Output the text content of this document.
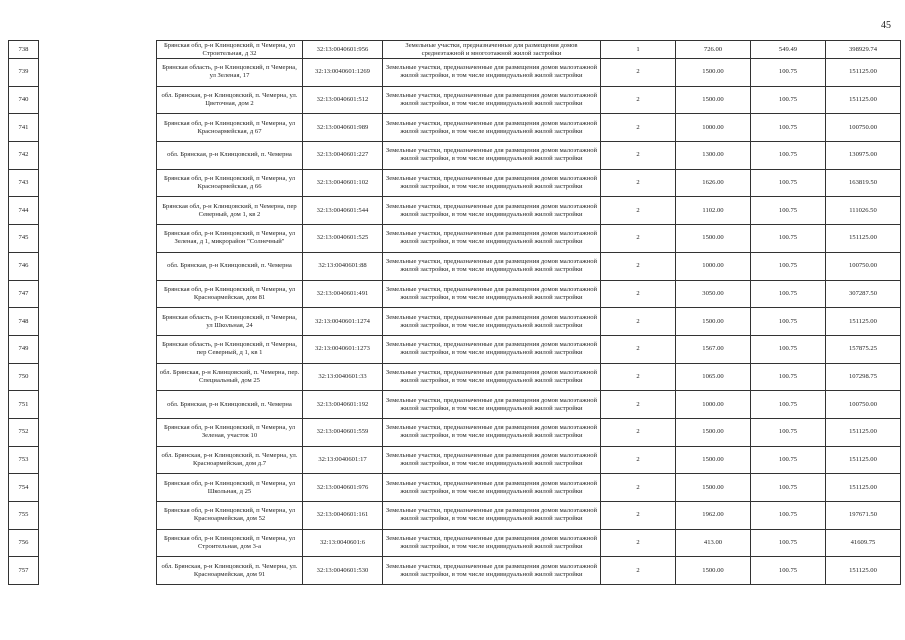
45
738		Брянская обл, р-н Клинцовский, п Чемерна, ул Строительная, д 32	32:13:0040601:956	Земельные участки, предназначенные для размещения домов среднеэтажной и многоэтажной жилой застройки	1	726.00	549.49	398929.74
739		Брянская область, р-н Клинцовский, п Чемерна, ул Зеленая, 17	32:13:0040601:1269	Земельные участки, предназначенные для размещения домов малоэтажной жилой застройки, в том числе индивидуальной жилой застройки	2	1500.00	100.75	151125.00
740		обл. Брянская, р-н Клинцовский, п. Чемерна, ул. Цветочная, дом 2	32:13:0040601:512	Земельные участки, предназначенные для размещения домов малоэтажной жилой застройки, в том числе индивидуальной жилой застройки	2	1500.00	100.75	151125.00
741		Брянская обл, р-н Клинцовский, п Чемерна, ул Красноармейская, д 67	32:13:0040601:989	Земельные участки, предназначенные для размещения домов малоэтажной жилой застройки, в том числе индивидуальной жилой застройки	2	1000.00	100.75	100750.00
742		обл. Брянская, р-н Клинцовский, п. Чемерна	32:13:0040601:227	Земельные участки, предназначенные для размещения домов малоэтажной жилой застройки, в том числе индивидуальной жилой застройки	2	1300.00	100.75	130975.00
743		Брянская обл, р-н Клинцовский, п Чемерна, ул Красноармейская, д 66	32:13:0040601:102	Земельные участки, предназначенные для размещения домов малоэтажной жилой застройки, в том числе индивидуальной жилой застройки	2	1626.00	100.75	163819.50
744		Брянская обл, р-н Клинцовский, п Чемерна, пер Северный, дом 1, кв 2	32:13:0040601:544	Земельные участки, предназначенные для размещения домов малоэтажной жилой застройки, в том числе индивидуальной жилой застройки	2	1102.00	100.75	111026.50
745		Брянская обл, р-н Клинцовский, п Чемерна, ул Зеленая, д 1, микрорайон "Солнечный"	32:13:0040601:525	Земельные участки, предназначенные для размещения домов малоэтажной жилой застройки, в том числе индивидуальной жилой застройки	2	1500.00	100.75	151125.00
746		обл. Брянская, р-н Клинцовский, п. Чемерна	32:13:0040601:88	Земельные участки, предназначенные для размещения домов малоэтажной жилой застройки, в том числе индивидуальной жилой застройки	2	1000.00	100.75	100750.00
747		Брянская обл, р-н Клинцовский, п Чемерна, ул Красноармейская, дом 81	32:13:0040601:491	Земельные участки, предназначенные для размещения домов малоэтажной жилой застройки, в том числе индивидуальной жилой застройки	2	3050.00	100.75	307287.50
748		Брянская область, р-н Клинцовский, п Чемерна, ул Школьная, 24	32:13:0040601:1274	Земельные участки, предназначенные для размещения домов малоэтажной жилой застройки, в том числе индивидуальной жилой застройки	2	1500.00	100.75	151125.00
749		Брянская область, р-н Клинцовский, п Чемерна, пер Северный, д 1, кв 1	32:13:0040601:1273	Земельные участки, предназначенные для размещения домов малоэтажной жилой застройки, в том числе индивидуальной жилой застройки	2	1567.00	100.75	157875.25
750		обл. Брянская, р-н Клинцовский, п. Чемерна, пер. Специальный, дом 25	32:13:0040601:33	Земельные участки, предназначенные для размещения домов малоэтажной жилой застройки, в том числе индивидуальной жилой застройки	2	1065.00	100.75	107298.75
751		обл. Брянская, р-н Клинцовский, п. Чемерна	32:13:0040601:192	Земельные участки, предназначенные для размещения домов малоэтажной жилой застройки, в том числе индивидуальной жилой застройки	2	1000.00	100.75	100750.00
752		Брянская обл, р-н Клинцовский, п Чемерна, ул Зеленая, участок 10	32:13:0040601:559	Земельные участки, предназначенные для размещения домов малоэтажной жилой застройки, в том числе индивидуальной жилой застройки	2	1500.00	100.75	151125.00
753		обл. Брянская, р-н Клинцовский, п. Чемерна, ул. Красноармейская, дом д.7	32:13:0040601:17	Земельные участки, предназначенные для размещения домов малоэтажной жилой застройки, в том числе индивидуальной жилой застройки	2	1500.00	100.75	151125.00
754		Брянская обл, р-н Клинцовский, п Чемерна, ул Школьная, д 25	32:13:0040601:976	Земельные участки, предназначенные для размещения домов малоэтажной жилой застройки, в том числе индивидуальной жилой застройки	2	1500.00	100.75	151125.00
755		Брянская обл, р-н Клинцовский, п Чемерна, ул Красноармейская, дом 52	32:13:0040601:161	Земельные участки, предназначенные для размещения домов малоэтажной жилой застройки, в том числе индивидуальной жилой застройки	2	1962.00	100.75	197671.50
756		Брянская обл, р-н Клинцовский, п Чемерна, ул Строительная, дом 3-а	32:13:0040601:6	Земельные участки, предназначенные для размещения домов малоэтажной жилой застройки, в том числе индивидуальной жилой застройки	2	413.00	100.75	41609.75
757		обл. Брянская, р-н Клинцовский, п. Чемерна, ул. Красноармейская, дом 91	32:13:0040601:530	Земельные участки, предназначенные для размещения домов малоэтажной жилой застройки, в том числе индивидуальной жилой застройки	2	1500.00	100.75	151125.00
